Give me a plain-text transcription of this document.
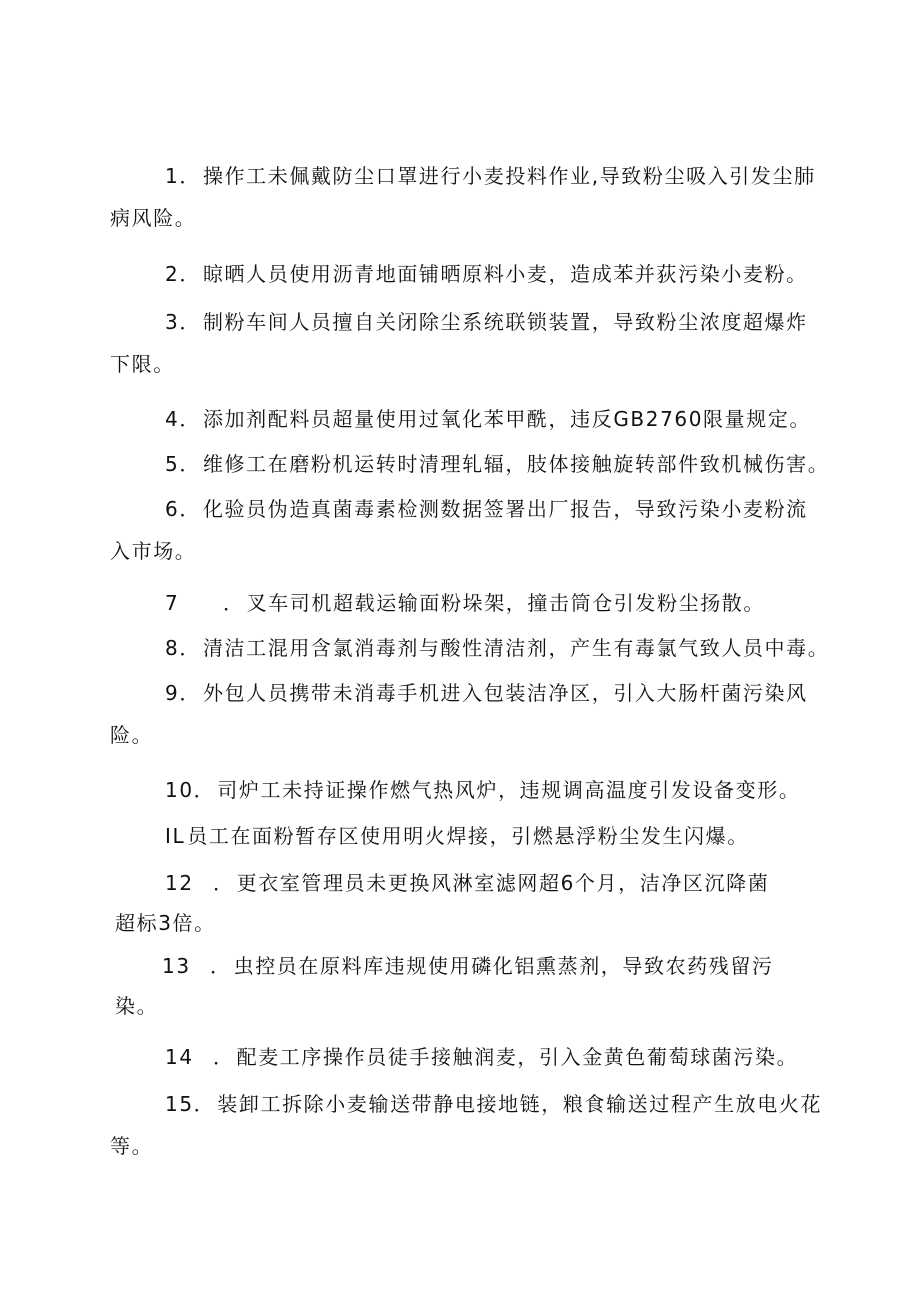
1． 操作工未佩戴防尘口罩进行小麦投料作业,导致粉尘吸入引发尘肺
病风险。
2． 晾晒人员使用沥青地面铺晒原料小麦，造成苯并荻污染小麦粉。
3． 制粉车间人员擅自关闭除尘系统联锁装置，导致粉尘浓度超爆炸
下限。
4． 添加剂配料员超量使用过氧化苯甲酰，违反GB2760限量规定。
5． 维修工在磨粉机运转时清理轧辐，肢体接触旋转部件致机械伤害。
6． 化验员伪造真菌毒素检测数据签署出厂报告，导致污染小麦粉流
入市场。
7 ． 叉车司机超载运输面粉垛架，撞击筒仓引发粉尘扬散。
8． 清洁工混用含氯消毒剂与酸性清洁剂，产生有毒氯气致人员中毒。
9． 外包人员携带未消毒手机进入包装洁净区，引入大肠杆菌污染风
险。
10． 司炉工未持证操作燃气热风炉，违规调高温度引发设备变形。
IL 员工在面粉暂存区使用明火焊接，引燃悬浮粉尘发生闪爆。
12 ． 更衣室管理员未更换风淋室滤网超6个月，洁净区沉降菌
超标3倍。
13 ． 虫控员在原料库违规使用磷化铝熏蒸剂，导致农药残留污
染。
14 ． 配麦工序操作员徒手接触润麦，引入金黄色葡萄球菌污染。
15． 装卸工拆除小麦输送带静电接地链，粮食输送过程产生放电火花
等。
